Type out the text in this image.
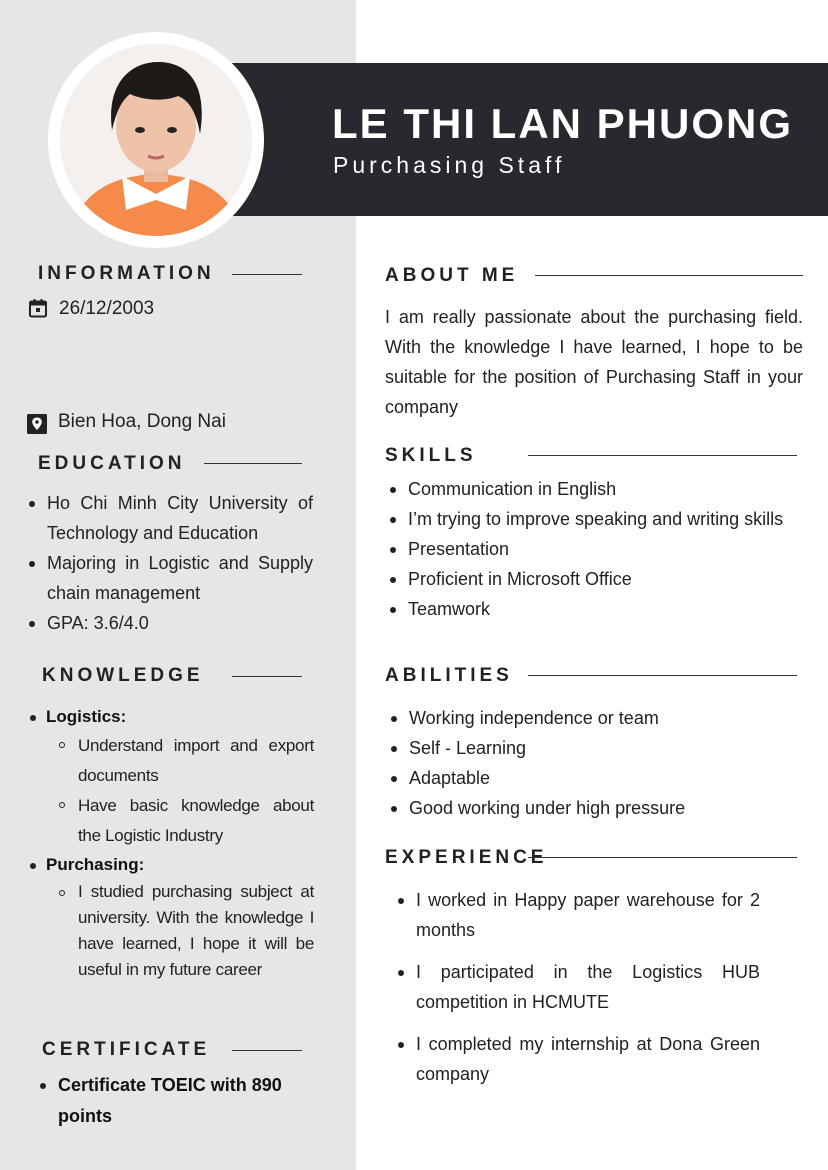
LE THI LAN PHUONG
Purchasing Staff
INFORMATION
26/12/2003
Bien Hoa, Dong Nai
EDUCATION
Ho Chi Minh City University of Technology and Education
Majoring in Logistic and Supply chain management
GPA: 3.6/4.0
KNOWLEDGE
Logistics:
Understand import and export documents
Have basic knowledge about the Logistic Industry
Purchasing:
I studied purchasing subject at university. With the knowledge I have learned, I hope it will be useful in my future career
CERTIFICATE
Certificate TOEIC with 890 points
ABOUT ME
I am really passionate about the purchasing field. With the knowledge I have learned, I hope to be suitable for the position of Purchasing Staff in your company
SKILLS
Communication in English
I’m trying to improve speaking and writing skills
Presentation
Proficient in Microsoft Office
Teamwork
ABILITIES
Working independence or team
Self - Learning
Adaptable
Good working under high pressure
EXPERIENCE
I worked in Happy paper warehouse for 2 months
I participated in the Logistics HUB competition in HCMUTE
I completed my internship at Dona Green company
